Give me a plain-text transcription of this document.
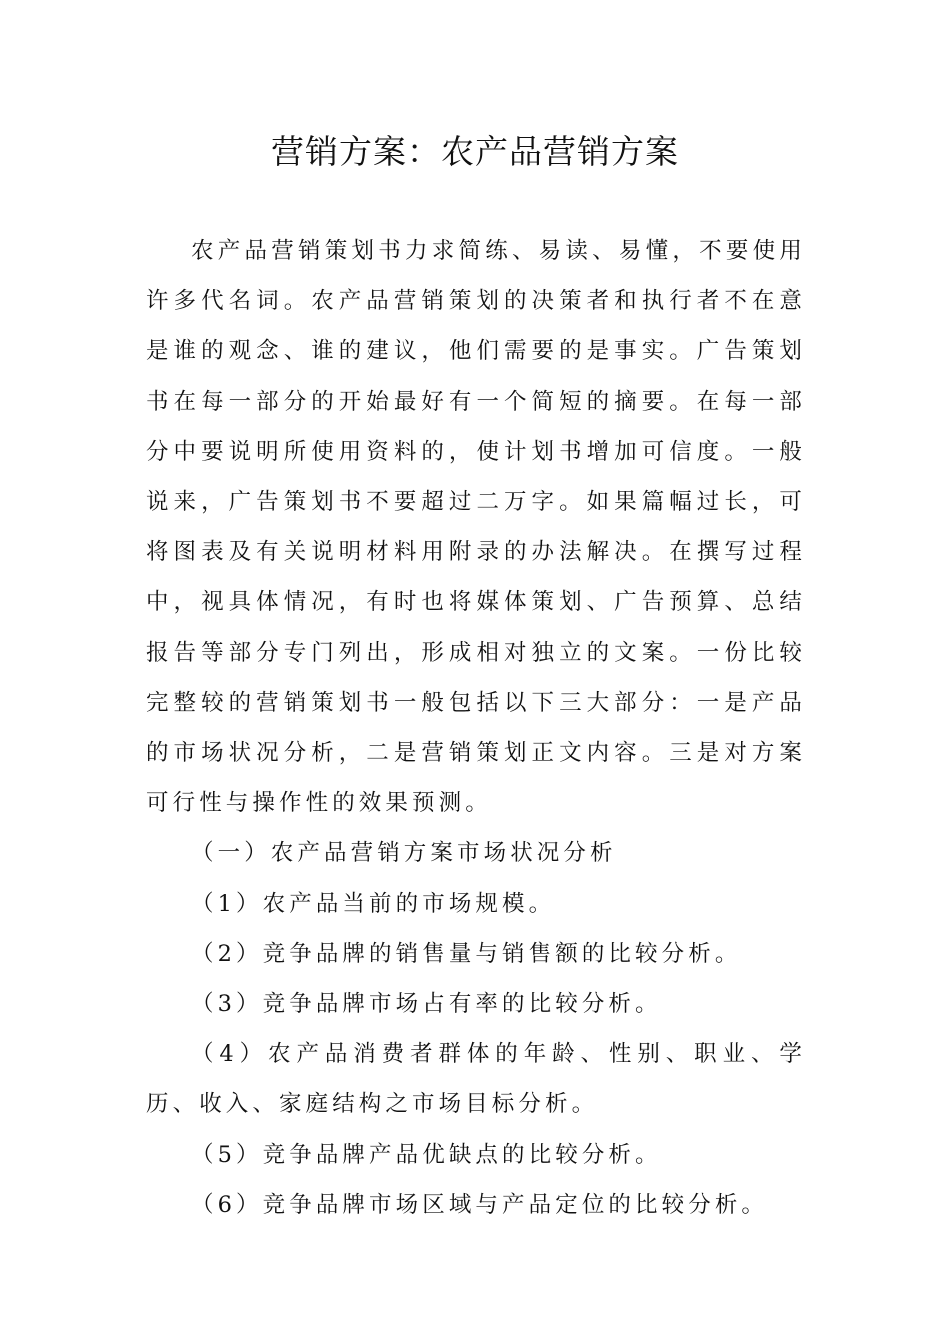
营销方案：农产品营销方案

农产品营销策划书力求简练、易读、易懂，不要使用许多代名词。农产品营销策划的决策者和执行者不在意是谁的观念、谁的建议，他们需要的是事实。广告策划书在每一部分的开始最好有一个简短的摘要。在每一部分中要说明所使用资料的，使计划书增加可信度。一般说来，广告策划书不要超过二万字。如果篇幅过长，可将图表及有关说明材料用附录的办法解决。在撰写过程中，视具体情况，有时也将媒体策划、广告预算、总结报告等部分专门列出，形成相对独立的文案。一份比较完整较的营销策划书一般包括以下三大部分：一是产品的市场状况分析，二是营销策划正文内容。三是对方案可行性与操作性的效果预测。

（一）农产品营销方案市场状况分析

（1）农产品当前的市场规模。

（2）竞争品牌的销售量与销售额的比较分析。

（3）竞争品牌市场占有率的比较分析。

（4）农产品消费者群体的年龄、性别、职业、学历、收入、家庭结构之市场目标分析。

（5）竞争品牌产品优缺点的比较分析。

（6）竞争品牌市场区域与产品定位的比较分析。
